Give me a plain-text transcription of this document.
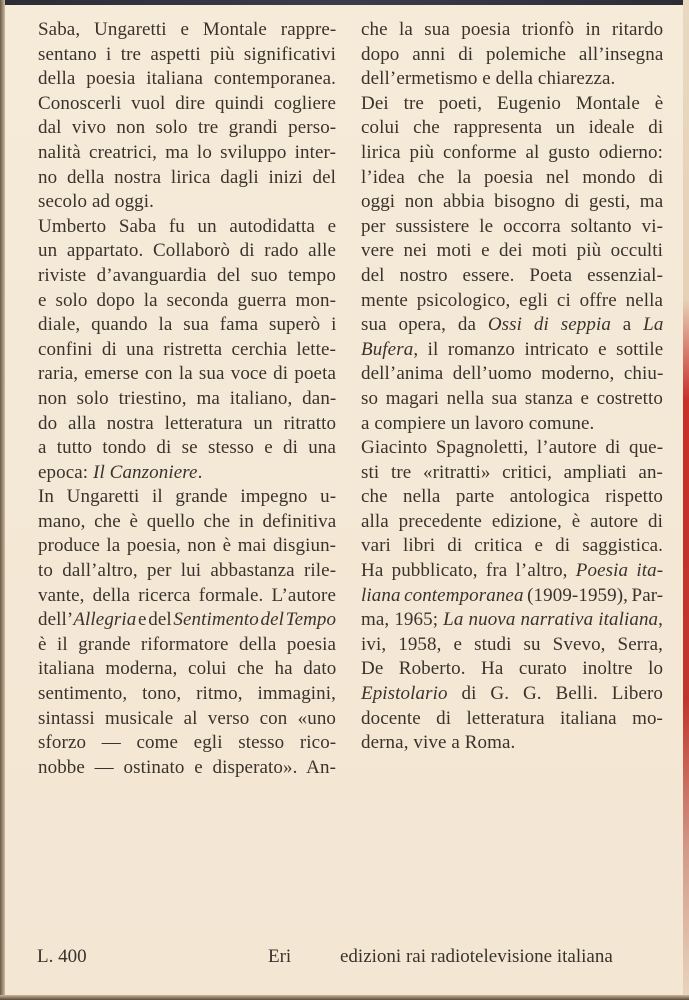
Saba, Ungaretti e Montale rappre-
sentano i tre aspetti più significativi
della poesia italiana contemporanea.
Conoscerli vuol dire quindi cogliere
dal vivo non solo tre grandi perso-
nalità creatrici, ma lo sviluppo inter-
no della nostra lirica dagli inizi del
secolo ad oggi.
Umberto Saba fu un autodidatta e
un appartato. Collaborò di rado alle
riviste d’avanguardia del suo tempo
e solo dopo la seconda guerra mon-
diale, quando la sua fama superò i
confini di una ristretta cerchia lette-
raria, emerse con la sua voce di poeta
non solo triestino, ma italiano, dan-
do alla nostra letteratura un ritratto
a tutto tondo di se stesso e di una
epoca: Il Canzoniere.
In Ungaretti il grande impegno u-
mano, che è quello che in definitiva
produce la poesia, non è mai disgiun-
to dall’altro, per lui abbastanza rile-
vante, della ricerca formale. L’autore
dell’Allegria e del Sentimento del Tempo
è il grande riformatore della poesia
italiana moderna, colui che ha dato
sentimento, tono, ritmo, immagini,
sintassi musicale al verso con «uno
sforzo — come egli stesso rico-
nobbe — ostinato e disperato». An-
che la sua poesia trionfò in ritardo
dopo anni di polemiche all’insegna
dell’ermetismo e della chiarezza.
Dei tre poeti, Eugenio Montale è
colui che rappresenta un ideale di
lirica più conforme al gusto odierno:
l’idea che la poesia nel mondo di
oggi non abbia bisogno di gesti, ma
per sussistere le occorra soltanto vi-
vere nei moti e dei moti più occulti
del nostro essere. Poeta essenzial-
mente psicologico, egli ci offre nella
sua opera, da Ossi di seppia a La
Bufera, il romanzo intricato e sottile
dell’anima dell’uomo moderno, chiu-
so magari nella sua stanza e costretto
a compiere un lavoro comune.
Giacinto Spagnoletti, l’autore di que-
sti tre «ritratti» critici, ampliati an-
che nella parte antologica rispetto
alla precedente edizione, è autore di
vari libri di critica e di saggistica.
Ha pubblicato, fra l’altro, Poesia ita-
liana contemporanea (1909-1959), Par-
ma, 1965; La nuova narrativa italiana,
ivi, 1958, e studi su Svevo, Serra,
De Roberto. Ha curato inoltre lo
Epistolario di G. G. Belli. Libero
docente di letteratura italiana mo-
derna, vive a Roma.
L. 400	Eri	edizioni rai radiotelevisione italiana
